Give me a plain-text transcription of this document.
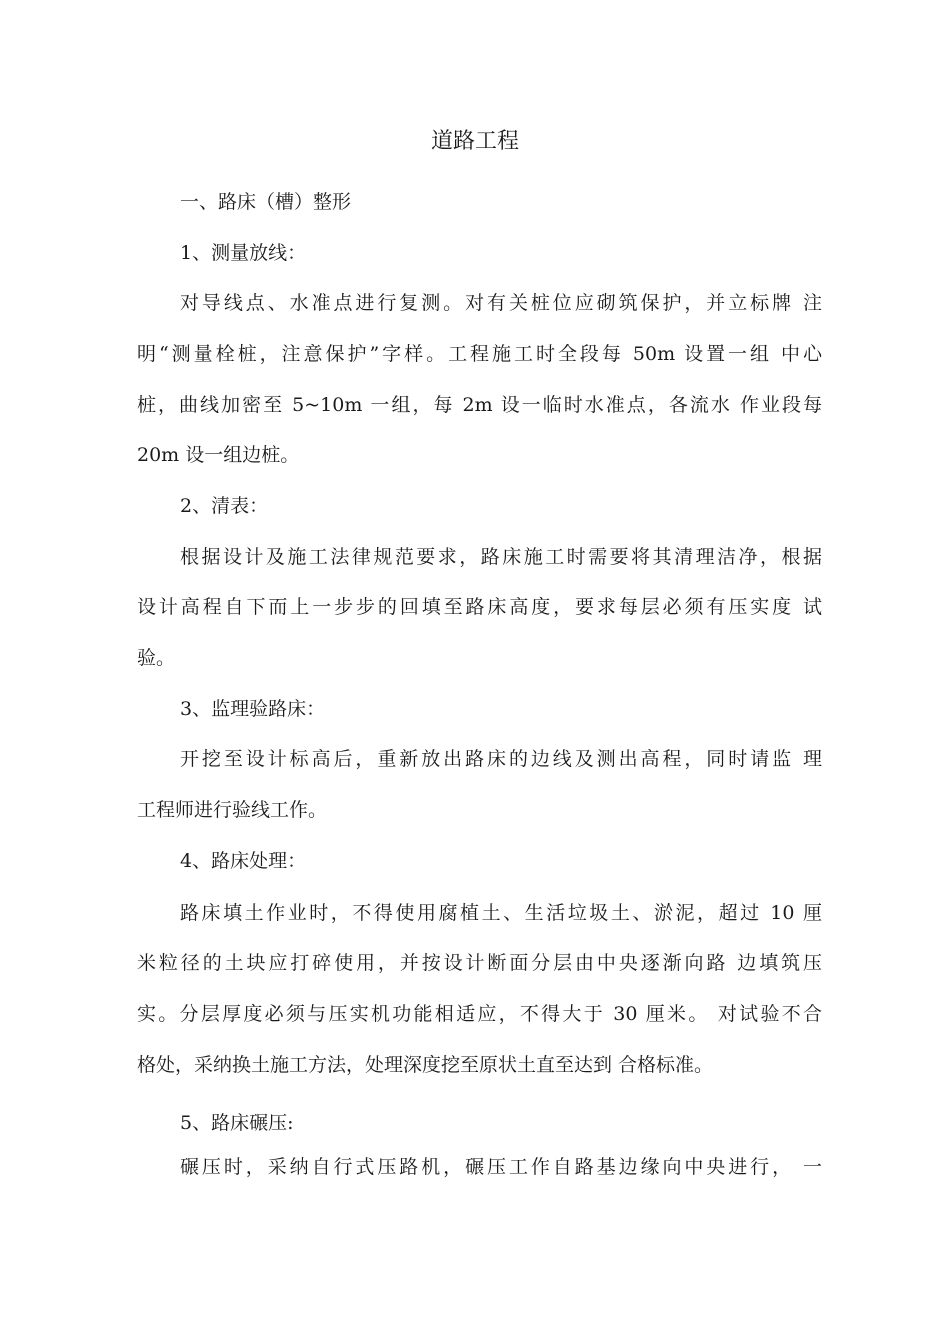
道路工程
一、路床（槽）整形
1、测量放线：
对导线点、水准点进行复测。对有关桩位应砌筑保护，并立标牌 注
明“测量栓桩，注意保护”字样。工程施工时全段每 50m 设置一组 中心
桩，曲线加密至 5~10m 一组，每 2m 设一临时水准点，各流水 作业段每
20m 设一组边桩。
2、清表：
根据设计及施工法律规范要求，路床施工时需要将其清理洁净，根据
设计高程自下而上一步步的回填至路床高度，要求每层必须有压实度 试
验。
3、监理验路床：
开挖至设计标高后，重新放出路床的边线及测出高程，同时请监 理
工程师进行验线工作。
4、路床处理：
路床填土作业时，不得使用腐植土、生活垃圾土、淤泥，超过 10 厘
米粒径的土块应打碎使用，并按设计断面分层由中央逐渐向路 边填筑压
实。分层厚度必须与压实机功能相适应，不得大于 30 厘米。 对试验不合
格处，采纳换土施工方法，处理深度挖至原状土直至达到 合格标准。
5、路床碾压:
碾压时，采纳自行式压路机，碾压工作自路基边缘向中央进行， 一
